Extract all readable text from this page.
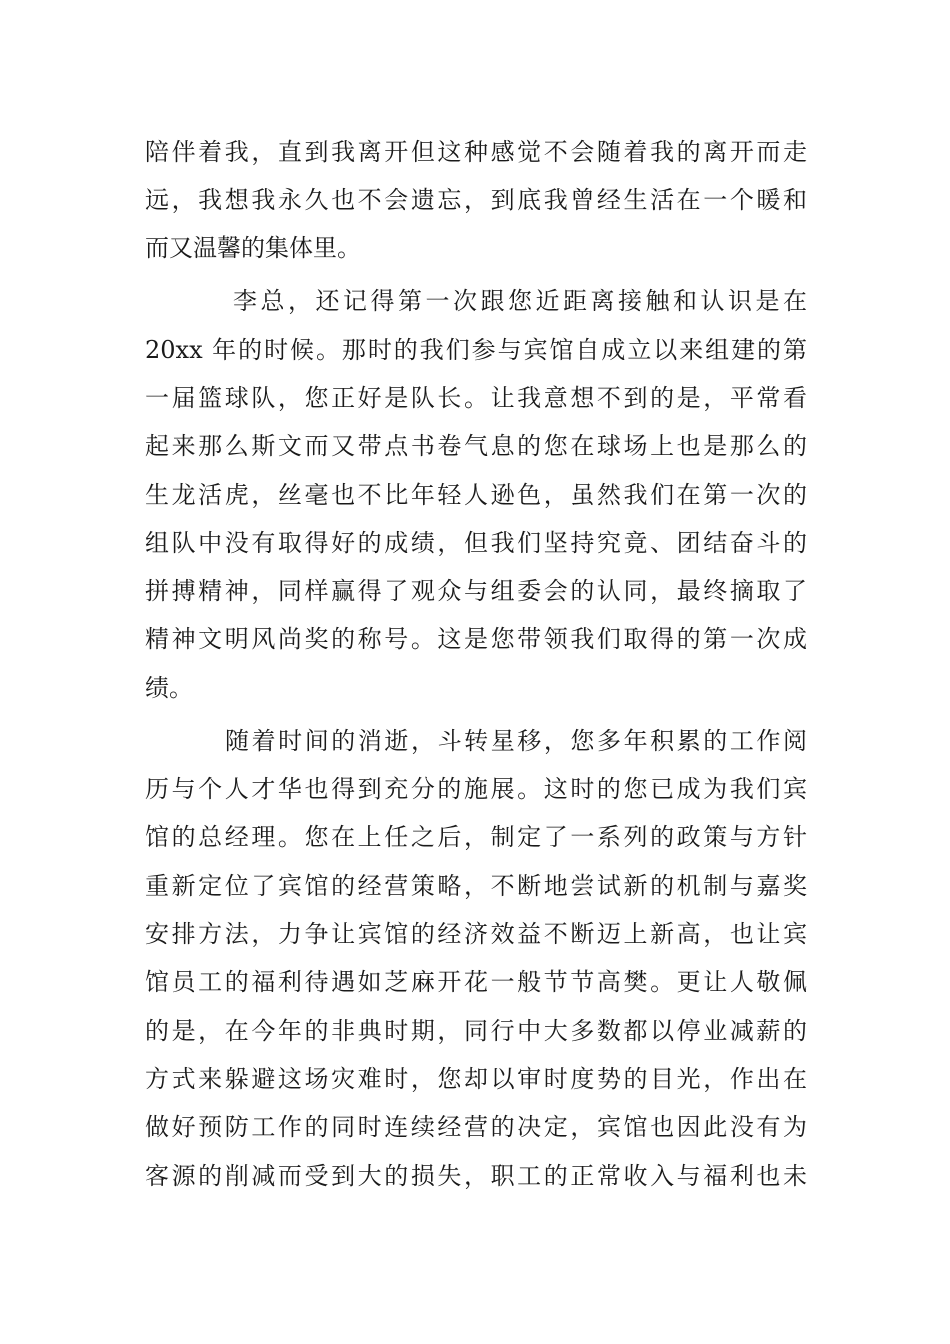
陪伴着我，直到我离开但这种感觉不会随着我的离开而走
远，我想我永久也不会遗忘，到底我曾经生活在一个暖和
而又温馨的集体里。
李总，还记得第一次跟您近距离接触和认识是在
20xx 年的时候。那时的我们参与宾馆自成立以来组建的第
一届篮球队，您正好是队长。让我意想不到的是，平常看
起来那么斯文而又带点书卷气息的您在球场上也是那么的
生龙活虎，丝毫也不比年轻人逊色，虽然我们在第一次的
组队中没有取得好的成绩，但我们坚持究竟、团结奋斗的
拼搏精神，同样赢得了观众与组委会的认同，最终摘取了
精神文明风尚奖的称号。这是您带领我们取得的第一次成
绩。
随着时间的消逝，斗转星移，您多年积累的工作阅
历与个人才华也得到充分的施展。这时的您已成为我们宾
馆的总经理。您在上任之后，制定了一系列的政策与方针
重新定位了宾馆的经营策略，不断地尝试新的机制与嘉奖
安排方法，力争让宾馆的经济效益不断迈上新高，也让宾
馆员工的福利待遇如芝麻开花一般节节高樊。更让人敬佩
的是，在今年的非典时期，同行中大多数都以停业减薪的
方式来躲避这场灾难时，您却以审时度势的目光，作出在
做好预防工作的同时连续经营的决定，宾馆也因此没有为
客源的削减而受到大的损失，职工的正常收入与福利也未
